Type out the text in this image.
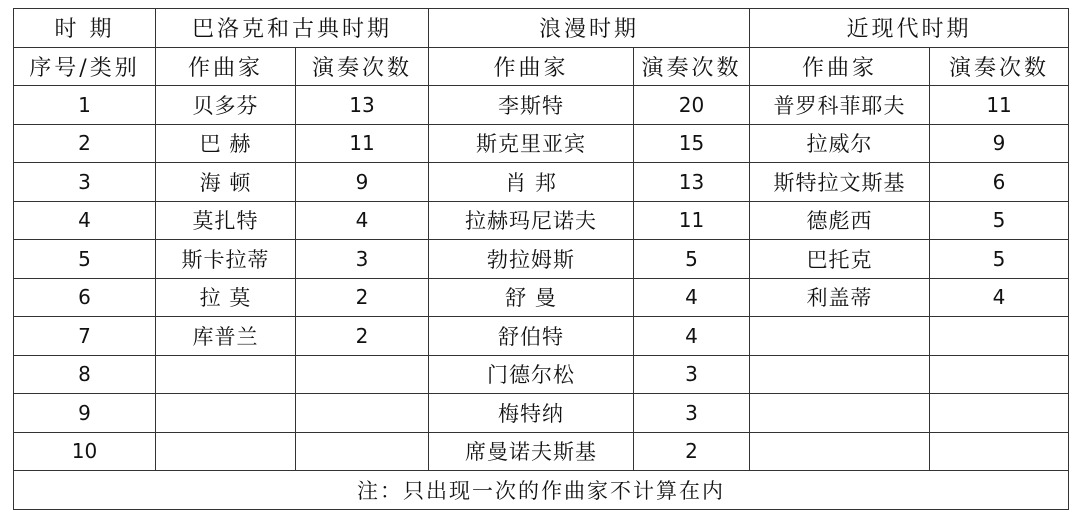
时 期	巴洛克和古典时期		浪漫时期		近现代时期	
序号/类别	作曲家	演奏次数	作曲家	演奏次数	作曲家	演奏次数
1	贝多芬	13	李斯特	20	普罗科菲耶夫	11
2	巴 赫	11	斯克里亚宾	15	拉威尔	9
3	海 顿	9	肖 邦	13	斯特拉文斯基	6
4	莫扎特	4	拉赫玛尼诺夫	11	德彪西	5
5	斯卡拉蒂	3	勃拉姆斯	5	巴托克	5
6	拉 莫	2	舒 曼	4	利盖蒂	4
7	库普兰	2	舒伯特	4		
8			门德尔松	3		
9			梅特纳	3		
10			席曼诺夫斯基	2		
注：只出现一次的作曲家不计算在内						
